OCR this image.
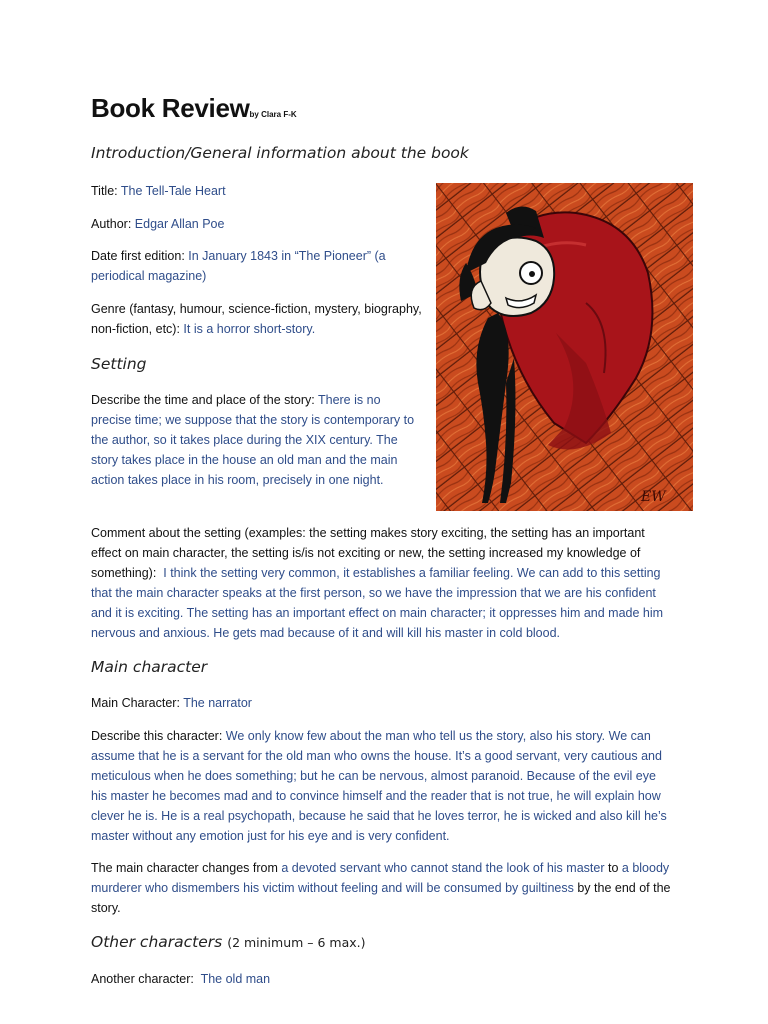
Book Reviewby Clara F-K
Introduction/General information about the book
Title: The Tell-Tale Heart
Author: Edgar Allan Poe
Date first edition: In January 1843 in “The Pioneer” (a periodical magazine)
Genre (fantasy, humour, science-fiction, mystery, biography, non-fiction, etc): It is a horror short-story.
Setting
Describe the time and place of the story: There is no precise time; we suppose that the story is contemporary to the author, so it takes place during the XIX century. The story takes place in the house an old man and the main action takes place in his room, precisely in one night.
EW
Comment about the setting (examples: the setting makes story exciting, the setting has an important effect on main character, the setting is/is not exciting or new, the setting increased my knowledge of something): I think the setting very common, it establishes a familiar feeling. We can add to this setting that the main character speaks at the first person, so we have the impression that we are his confident and it is exciting. The setting has an important effect on main character; it oppresses him and made him nervous and anxious. He gets mad because of it and will kill his master in cold blood.
Main character
Main Character: The narrator
Describe this character: We only know few about the man who tell us the story, also his story. We can assume that he is a servant for the old man who owns the house. It’s a good servant, very cautious and meticulous when he does something; but he can be nervous, almost paranoid. Because of the evil eye his master he becomes mad and to convince himself and the reader that is not true, he will explain how clever he is. He is a real psychopath, because he said that he loves terror, he is wicked and also kill he’s master without any emotion just for his eye and is very confident.
The main character changes from a devoted servant who cannot stand the look of his master to a bloody murderer who dismembers his victim without feeling and will be consumed by guiltiness by the end of the story.
Other characters (2 minimum – 6 max.)
Another character: The old man
